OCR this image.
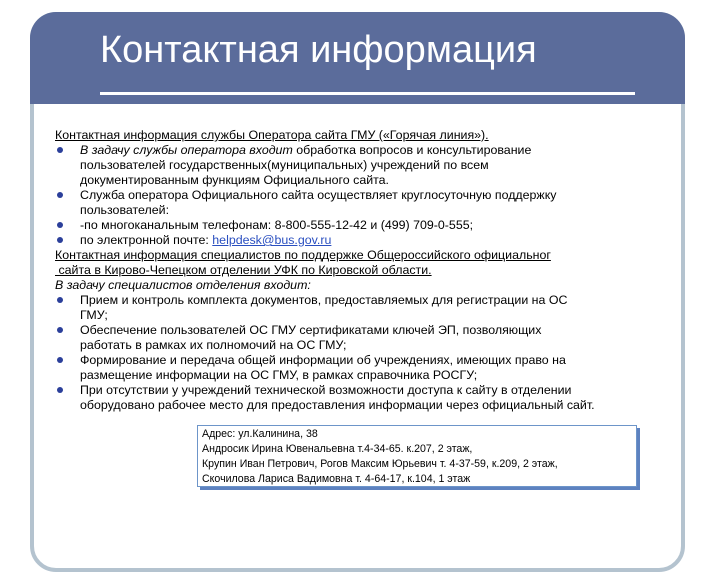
Контактная информация
Контактная информация службы Оператора сайта ГМУ («Горячая линия»).
В задачу службы оператора входит обработка вопросов и консультирование
пользователей государственных(муниципальных) учреждений по всем
документированным функциям Официального сайта.
Служба оператора Официального сайта осуществляет круглосуточную поддержку
пользователей:
-по многоканальным телефонам: 8-800-555-12-42 и (499) 709-0-555;
по электронной почте: helpdesk@bus.gov.ru
Контактная информация специалистов по поддержке Общероссийского официальног
сайта в Кирово-Чепецком отделении УФК по Кировской области.
В задачу специалистов отделения входит:
Прием и контроль комплекта документов, предоставляемых для регистрации на ОС
ГМУ;
Обеспечение пользователей ОС ГМУ сертификатами ключей ЭП, позволяющих
работать в рамках их полномочий на ОС ГМУ;
Формирование и передача общей информации об учреждениях, имеющих право на
размещение информации на ОС ГМУ, в рамках справочника РОСГУ;
При отсутствии у учреждений технической возможности доступа к сайту в отделении
оборудовано рабочее место для предоставления информации через официальный сайт.
Адрес: ул.Калинина, 38
Андросик Ирина Ювенальевна т.4-34-65. к.207, 2 этаж,
Крупин Иван Петрович, Рогов Максим Юрьевич т. 4-37-59, к.209, 2 этаж,
Скочилова Лариса Вадимовна т. 4-64-17, к.104, 1 этаж
